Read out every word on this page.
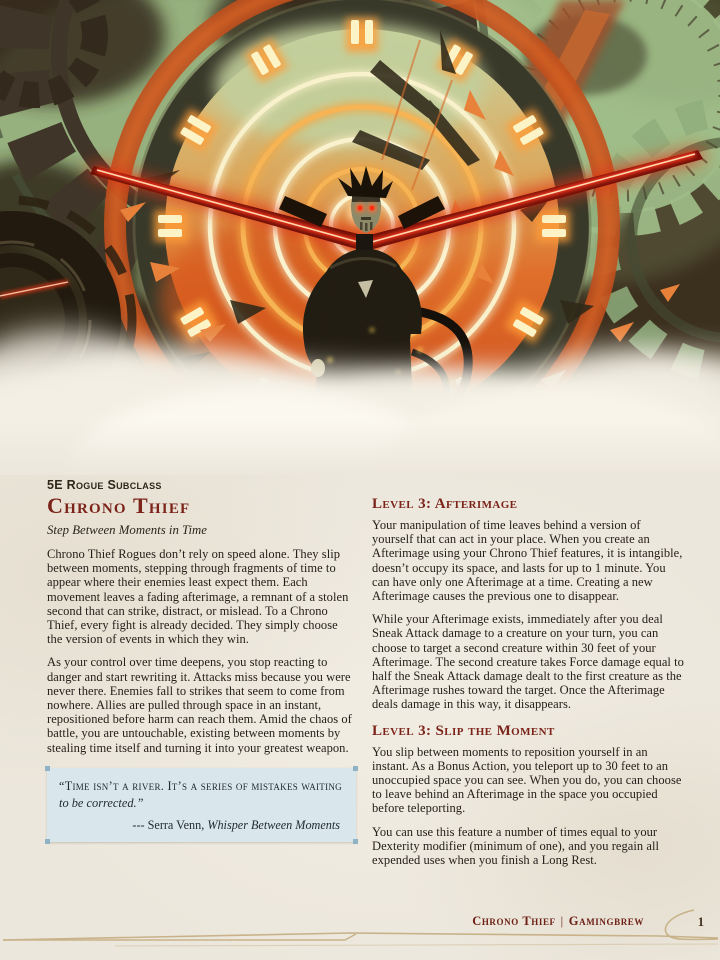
5E Rogue Subclass
Chrono Thief
Step Between Moments in Time

Chrono Thief Rogues don’t rely on speed alone. They slip between moments, stepping through fragments of time to appear where their enemies least expect them. Each movement leaves a fading afterimage, a remnant of a stolen second that can strike, distract, or mislead. To a Chrono Thief, every fight is already decided. They simply choose the version of events in which they win.

As your control over time deepens, you stop reacting to danger and start rewriting it. Attacks miss because you were never there. Enemies fall to strikes that seem to come from nowhere. Allies are pulled through space in an instant, repositioned before harm can reach them. Amid the chaos of battle, you are untouchable, existing between moments by stealing time itself and turning it into your greatest weapon.

“Time isn’t a river. It’s a series of mistakes waiting
to be corrected.”
--- Serra Venn, Whisper Between Moments
Level 3: Afterimage

Your manipulation of time leaves behind a version of yourself that can act in your place. When you create an Afterimage using your Chrono Thief features, it is intangible, doesn’t occupy its space, and lasts for up to 1 minute. You can have only one Afterimage at a time. Creating a new Afterimage causes the previous one to disappear.

While your Afterimage exists, immediately after you deal Sneak Attack damage to a creature on your turn, you can choose to target a second creature within 30 feet of your Afterimage. The second creature takes Force damage equal to half the Sneak Attack damage dealt to the first creature as the Afterimage rushes toward the target. Once the Afterimage deals damage in this way, it disappears.

Level 3: Slip the Moment

You slip between moments to reposition yourself in an instant. As a Bonus Action, you teleport up to 30 feet to an unoccupied space you can see. When you do, you can choose to leave behind an Afterimage in the space you occupied before teleporting.

You can use this feature a number of times equal to your Dexterity modifier (minimum of one), and you regain all expended uses when you finish a Long Rest.

Chrono Thief | Gamingbrew	1
